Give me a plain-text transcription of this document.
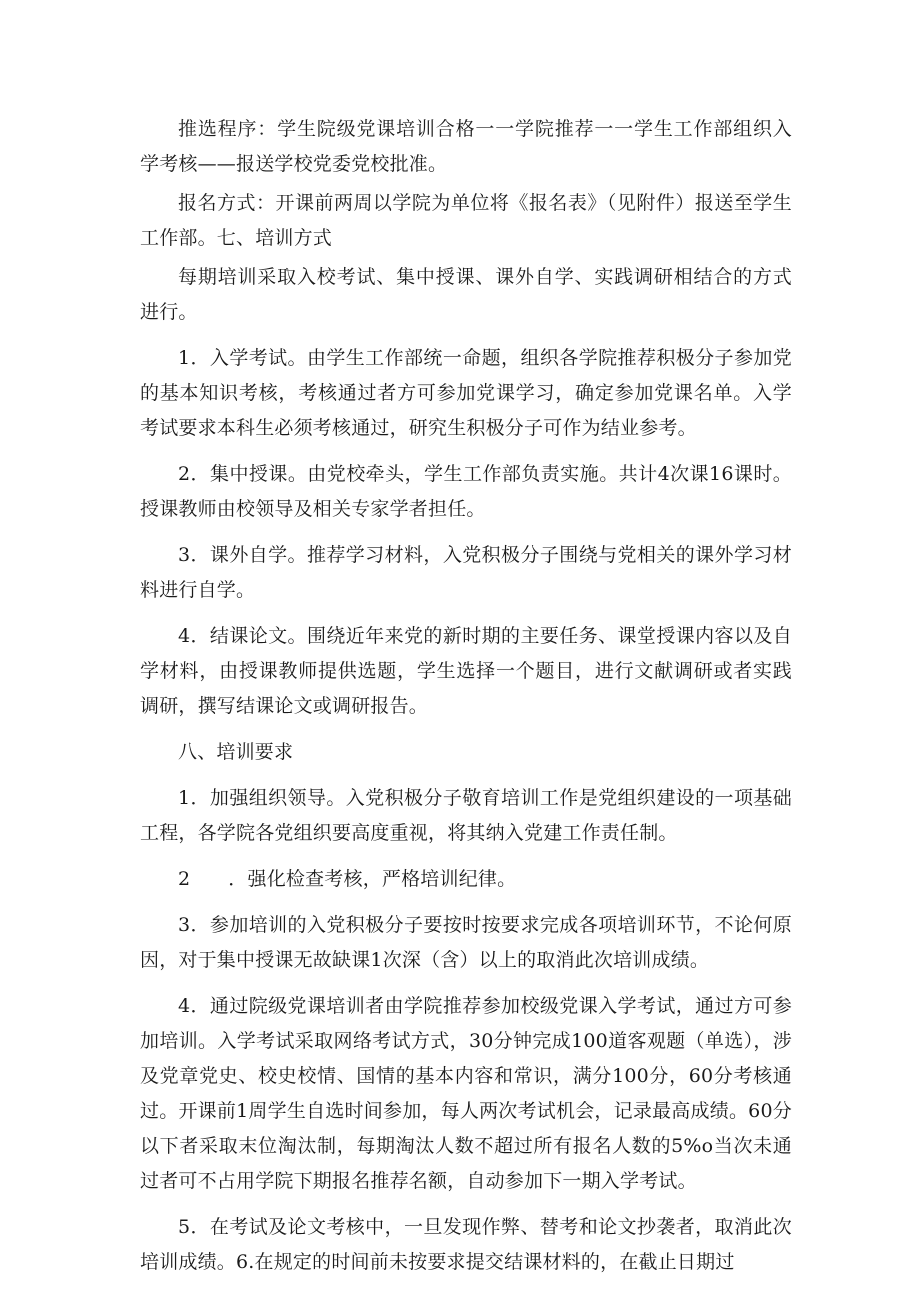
推选程序：学生院级党课培训合格一一学院推荐一一学生工作部组织入学考核——报送学校党委党校批准。

报名方式：开课前两周以学院为单位将《报名表》（见附件）报送至学生工作部。七、培训方式

每期培训采取入校考试、集中授课、课外自学、实践调研相结合的方式进行。

1．入学考试。由学生工作部统一命题，组织各学院推荐积极分子参加党的基本知识考核，考核通过者方可参加党课学习，确定参加党课名单。入学考试要求本科生必须考核通过，研究生积极分子可作为结业参考。

2．集中授课。由党校牵头，学生工作部负责实施。共计4次课16课时。授课教师由校领导及相关专家学者担任。

3．课外自学。推荐学习材料，入党积极分子围绕与党相关的课外学习材料进行自学。

4．结课论文。围绕近年来党的新时期的主要任务、课堂授课内容以及自学材料，由授课教师提供选题，学生选择一个题目，进行文献调研或者实践调研，撰写结课论文或调研报告。

八、培训要求

1．加强组织领导。入党积极分子敬育培训工作是党组织建设的一项基础工程，各学院各党组织要高度重视，将其纳入党建工作责任制。

2 ．强化检查考核，严格培训纪律。

3．参加培训的入党积极分子要按时按要求完成各项培训环节，不论何原因，对于集中授课无故缺课1次深（含）以上的取消此次培训成绩。

4．通过院级党课培训者由学院推荐参加校级党课入学考试，通过方可参加培训。入学考试采取网络考试方式，30分钟完成100道客观题（单选），涉及党章党史、校史校情、国情的基本内容和常识，满分100分，60分考核通过。开课前1周学生自选时间参加，每人两次考试机会，记录最高成绩。60分以下者采取末位淘汰制，每期淘汰人数不超过所有报名人数的5%o当次未通过者可不占用学院下期报名推荐名额，自动参加下一期入学考试。

5．在考试及论文考核中，一旦发现作弊、替考和论文抄袭者，取消此次培训成绩。6.在规定的时间前未按要求提交结课材料的，在截止日期过
